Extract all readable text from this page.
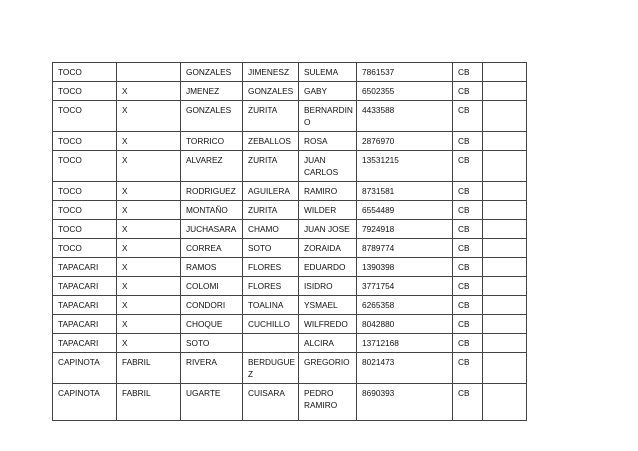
TOCO		GONZALES	JIMENESZ	SULEMA	7861537	CB	
TOCO	X	JMENEZ	GONZALES	GABY	6502355	CB	
TOCO	X	GONZALES	ZURITA	BERNARDINO	4433588	CB	
TOCO	X	TORRICO	ZEBALLOS	ROSA	2876970	CB	
TOCO	X	ALVAREZ	ZURITA	JUAN CARLOS	13531215	CB	
TOCO	X	RODRIGUEZ	AGUILERA	RAMIRO	8731581	CB	
TOCO	X	MONTAÑO	ZURITA	WILDER	6554489	CB	
TOCO	X	JUCHASARA	CHAMO	JUAN JOSE	7924918	CB	
TOCO	X	CORREA	SOTO	ZORAIDA	8789774	CB	
TAPACARI	X	RAMOS	FLORES	EDUARDO	1390398	CB	
TAPACARI	X	COLOMI	FLORES	ISIDRO	3771754	CB	
TAPACARI	X	CONDORI	TOALINA	YSMAEL	6265358	CB	
TAPACARI	X	CHOQUE	CUCHILLO	WILFREDO	8042880	CB	
TAPACARI	X	SOTO		ALCIRA	13712168	CB	
CAPINOTA	FABRIL	RIVERA	BERDUGUEZ	GREGORIO	8021473	CB	
CAPINOTA	FABRIL	UGARTE	CUISARA	PEDRO RAMIRO	8690393	CB	
